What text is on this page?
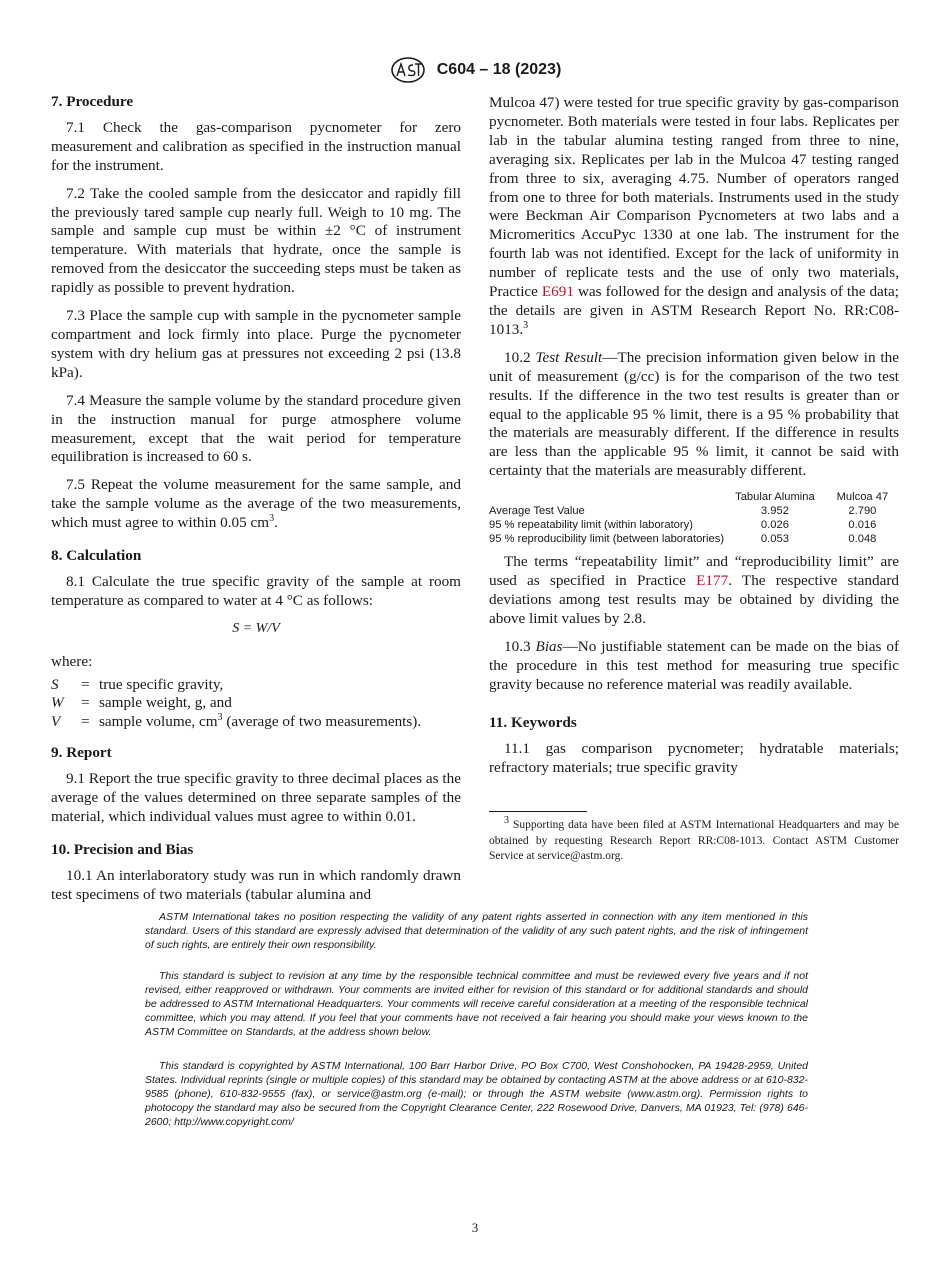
C604 – 18 (2023)
7. Procedure

7.1 Check the gas-comparison pycnometer for zero measurement and calibration as specified in the instruction manual for the instrument.

7.2 Take the cooled sample from the desiccator and rapidly fill the previously tared sample cup nearly full. Weigh to 10 mg. The sample and sample cup must be within ±2 °C of instrument temperature. With materials that hydrate, once the sample is removed from the desiccator the succeeding steps must be taken as rapidly as possible to prevent hydration.

7.3 Place the sample cup with sample in the pycnometer sample compartment and lock firmly into place. Purge the pycnometer system with dry helium gas at pressures not exceeding 2 psi (13.8 kPa).

7.4 Measure the sample volume by the standard procedure given in the instruction manual for purge atmosphere volume measurement, except that the wait period for temperature equilibration is increased to 60 s.

7.5 Repeat the volume measurement for the same sample, and take the sample volume as the average of the two measurements, which must agree to within 0.05 $cm^3$.

8. Calculation

8.1 Calculate the true specific gravity of the sample at room temperature as compared to water at 4 °C as follows:

S = W/V

where:

S	=	true specific gravity,
W	=	sample weight, g, and
V	=	sample volume, $cm^3$ (average of two measurements).
9. Report

9.1 Report the true specific gravity to three decimal places as the average of the values determined on three separate samples of the material, which individual values must agree to within 0.01.

10. Precision and Bias

10.1 An interlaboratory study was run in which randomly drawn test specimens of two materials (tabular alumina and

Mulcoa 47) were tested for true specific gravity by gas-comparison pycnometer. Both materials were tested in four labs. Replicates per lab in the tabular alumina testing ranged from three to nine, averaging six. Replicates per lab in the Mulcoa 47 testing ranged from three to six, averaging 4.75. Number of operators ranged from one to three for both materials. Instruments used in the study were Beckman Air Comparison Pycnometers at two labs and a Micromeritics AccuPyc 1330 at one lab. The instrument for the fourth lab was not identified. Except for the lack of uniformity in number of replicate tests and the use of only two materials, Practice E691 was followed for the design and analysis of the data; the details are given in ASTM Research Report No. RR:C08-1013.$^3$

10.2 Test Result—The precision information given below in the unit of measurement (g/cc) is for the comparison of the two test results. If the difference in the two test results is greater than or equal to the applicable 95 % limit, there is a 95 % probability that the materials are measurably different. If the difference in results are less than the applicable 95 % limit, it cannot be said with certainty that the materials are measurably different.

	Tabular Alumina	Mulcoa 47
Average Test Value	3.952	2.790
95 % repeatability limit (within laboratory)	0.026	0.016
95 % reproducibility limit (between laboratories)	0.053	0.048

The terms “repeatability limit” and “reproducibility limit” are used as specified in Practice E177. The respective standard deviations among test results may be obtained by dividing the above limit values by 2.8.

10.3 Bias—No justifiable statement can be made on the bias of the procedure in this test method for measuring true specific gravity because no reference material was readily available.

11. Keywords

11.1 gas comparison pycnometer; hydratable materials; refractory materials; true specific gravity

$^3$ Supporting data have been filed at ASTM International Headquarters and may be obtained by requesting Research Report RR:C08-1013. Contact ASTM Customer Service at service@astm.org.

ASTM International takes no position respecting the validity of any patent rights asserted in connection with any item mentioned in this standard. Users of this standard are expressly advised that determination of the validity of any such patent rights, and the risk of infringement of such rights, are entirely their own responsibility.

This standard is subject to revision at any time by the responsible technical committee and must be reviewed every five years and if not revised, either reapproved or withdrawn. Your comments are invited either for revision of this standard or for additional standards and should be addressed to ASTM International Headquarters. Your comments will receive careful consideration at a meeting of the responsible technical committee, which you may attend. If you feel that your comments have not received a fair hearing you should make your views known to the ASTM Committee on Standards, at the address shown below.

This standard is copyrighted by ASTM International, 100 Barr Harbor Drive, PO Box C700, West Conshohocken, PA 19428-2959, United States. Individual reprints (single or multiple copies) of this standard may be obtained by contacting ASTM at the above address or at 610-832-9585 (phone), 610-832-9555 (fax), or service@astm.org (e-mail); or through the ASTM website (www.astm.org). Permission rights to photocopy the standard may also be secured from the Copyright Clearance Center, 222 Rosewood Drive, Danvers, MA 01923, Tel: (978) 646-2600; http://www.copyright.com/

3
